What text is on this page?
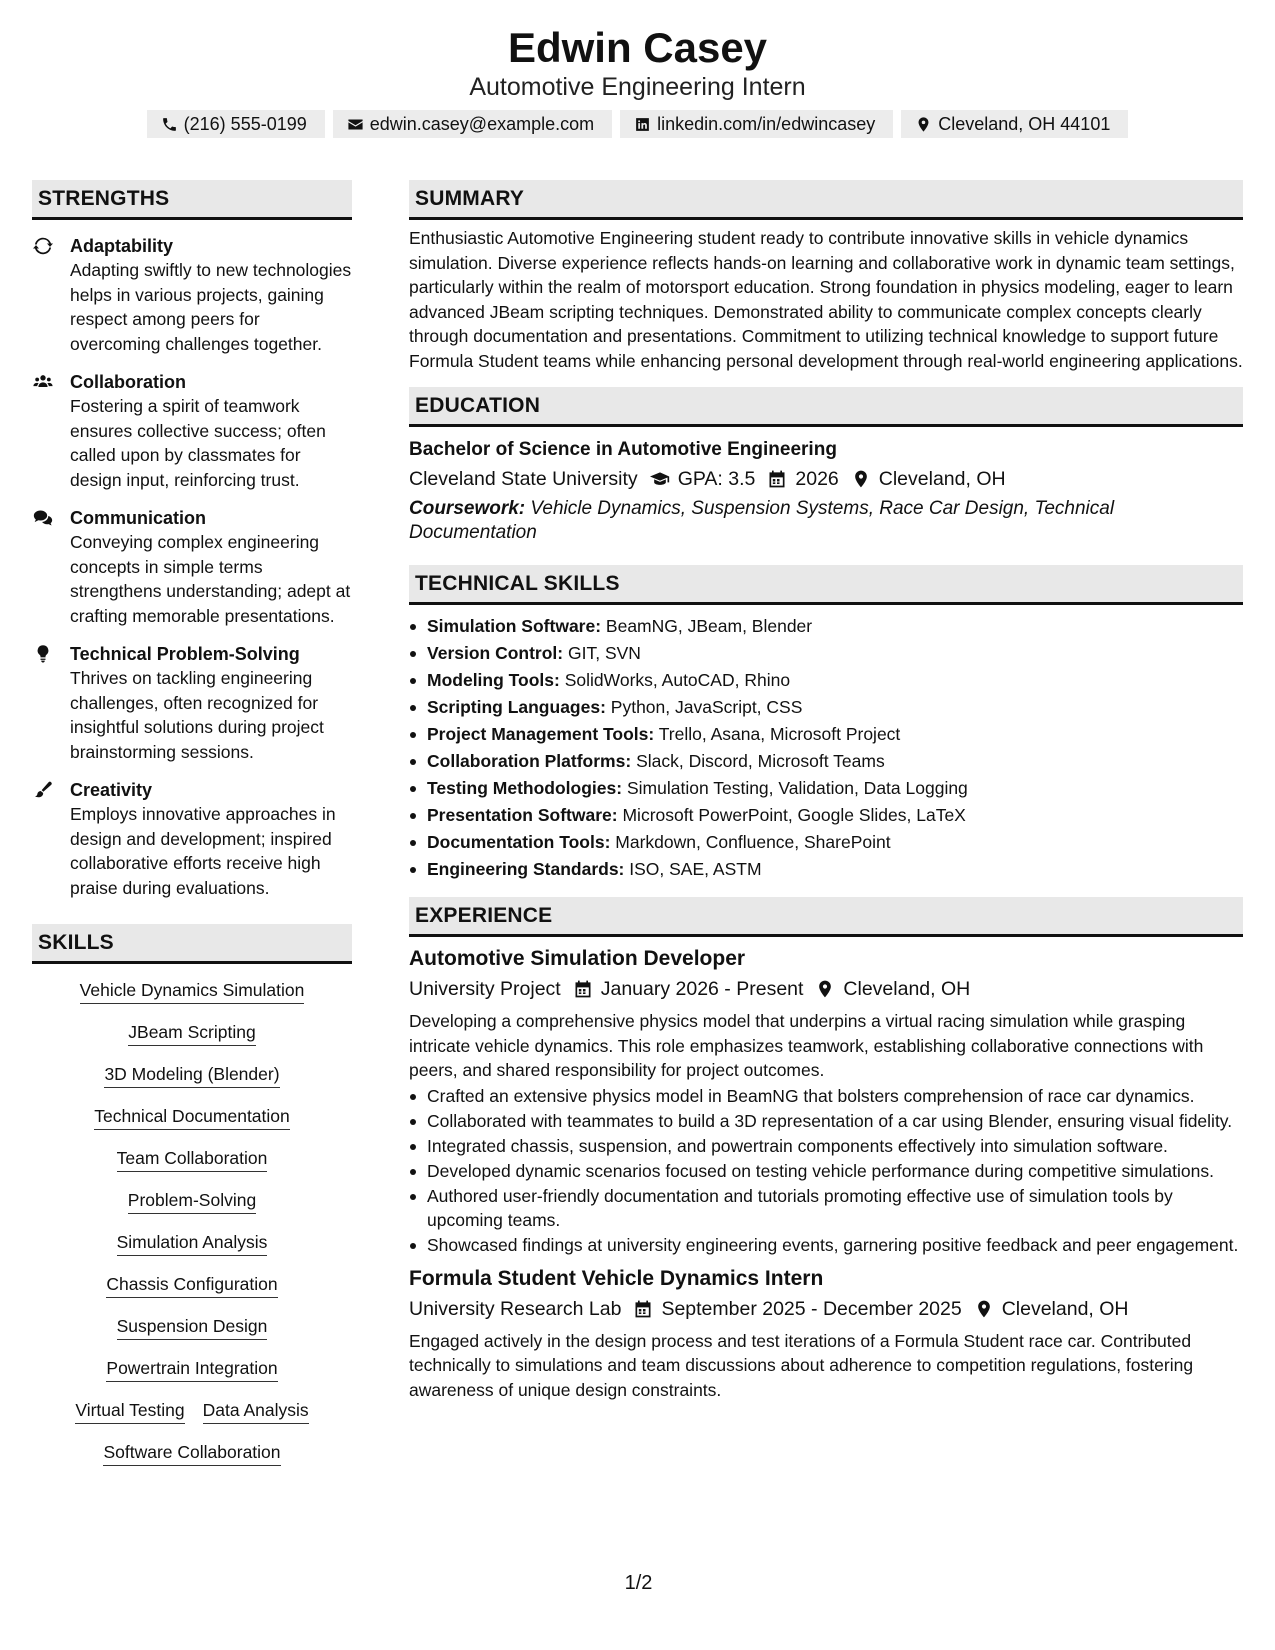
Edwin Casey
Automotive Engineering Intern
(216) 555-0199	edwin.casey@example.com	linkedin.com/in/edwincasey	Cleveland, OH 44101
STRENGTHS
Adaptability
Adapting swiftly to new technologies helps in various projects, gaining respect among peers for overcoming challenges together.
Collaboration
Fostering a spirit of teamwork ensures collective success; often called upon by classmates for design input, reinforcing trust.
Communication
Conveying complex engineering concepts in simple terms strengthens understanding; adept at crafting memorable presentations.
Technical Problem-Solving
Thrives on tackling engineering challenges, often recognized for insightful solutions during project brainstorming sessions.
Creativity
Employs innovative approaches in design and development; inspired collaborative efforts receive high praise during evaluations.
SKILLS
Vehicle Dynamics Simulation
JBeam Scripting
3D Modeling (Blender)
Technical Documentation
Team Collaboration
Problem-Solving
Simulation Analysis
Chassis Configuration
Suspension Design
Powertrain Integration
Virtual Testing Data Analysis
Software Collaboration
SUMMARY
Enthusiastic Automotive Engineering student ready to contribute innovative skills in vehicle dynamics simulation. Diverse experience reflects hands-on learning and collaborative work in dynamic team settings, particularly within the realm of motorsport education. Strong foundation in physics modeling, eager to learn advanced JBeam scripting techniques. Demonstrated ability to communicate complex concepts clearly through documentation and presentations. Commitment to utilizing technical knowledge to support future Formula Student teams while enhancing personal development through real-world engineering applications.
EDUCATION
Bachelor of Science in Automotive Engineering
Cleveland State University GPA: 3.5 2026 Cleveland, OH
Coursework: Vehicle Dynamics, Suspension Systems, Race Car Design, Technical Documentation
TECHNICAL SKILLS
Simulation Software: BeamNG, JBeam, Blender
Version Control: GIT, SVN
Modeling Tools: SolidWorks, AutoCAD, Rhino
Scripting Languages: Python, JavaScript, CSS
Project Management Tools: Trello, Asana, Microsoft Project
Collaboration Platforms: Slack, Discord, Microsoft Teams
Testing Methodologies: Simulation Testing, Validation, Data Logging
Presentation Software: Microsoft PowerPoint, Google Slides, LaTeX
Documentation Tools: Markdown, Confluence, SharePoint
Engineering Standards: ISO, SAE, ASTM
EXPERIENCE
Automotive Simulation Developer
University Project January 2026 - Present Cleveland, OH
Developing a comprehensive physics model that underpins a virtual racing simulation while grasping intricate vehicle dynamics. This role emphasizes teamwork, establishing collaborative connections with peers, and shared responsibility for project outcomes.
Crafted an extensive physics model in BeamNG that bolsters comprehension of race car dynamics.
Collaborated with teammates to build a 3D representation of a car using Blender, ensuring visual fidelity.
Integrated chassis, suspension, and powertrain components effectively into simulation software.
Developed dynamic scenarios focused on testing vehicle performance during competitive simulations.
Authored user-friendly documentation and tutorials promoting effective use of simulation tools by upcoming teams.
Showcased findings at university engineering events, garnering positive feedback and peer engagement.
Formula Student Vehicle Dynamics Intern
University Research Lab September 2025 - December 2025 Cleveland, OH
Engaged actively in the design process and test iterations of a Formula Student race car. Contributed technically to simulations and team discussions about adherence to competition regulations, fostering awareness of unique design constraints.
1/2
